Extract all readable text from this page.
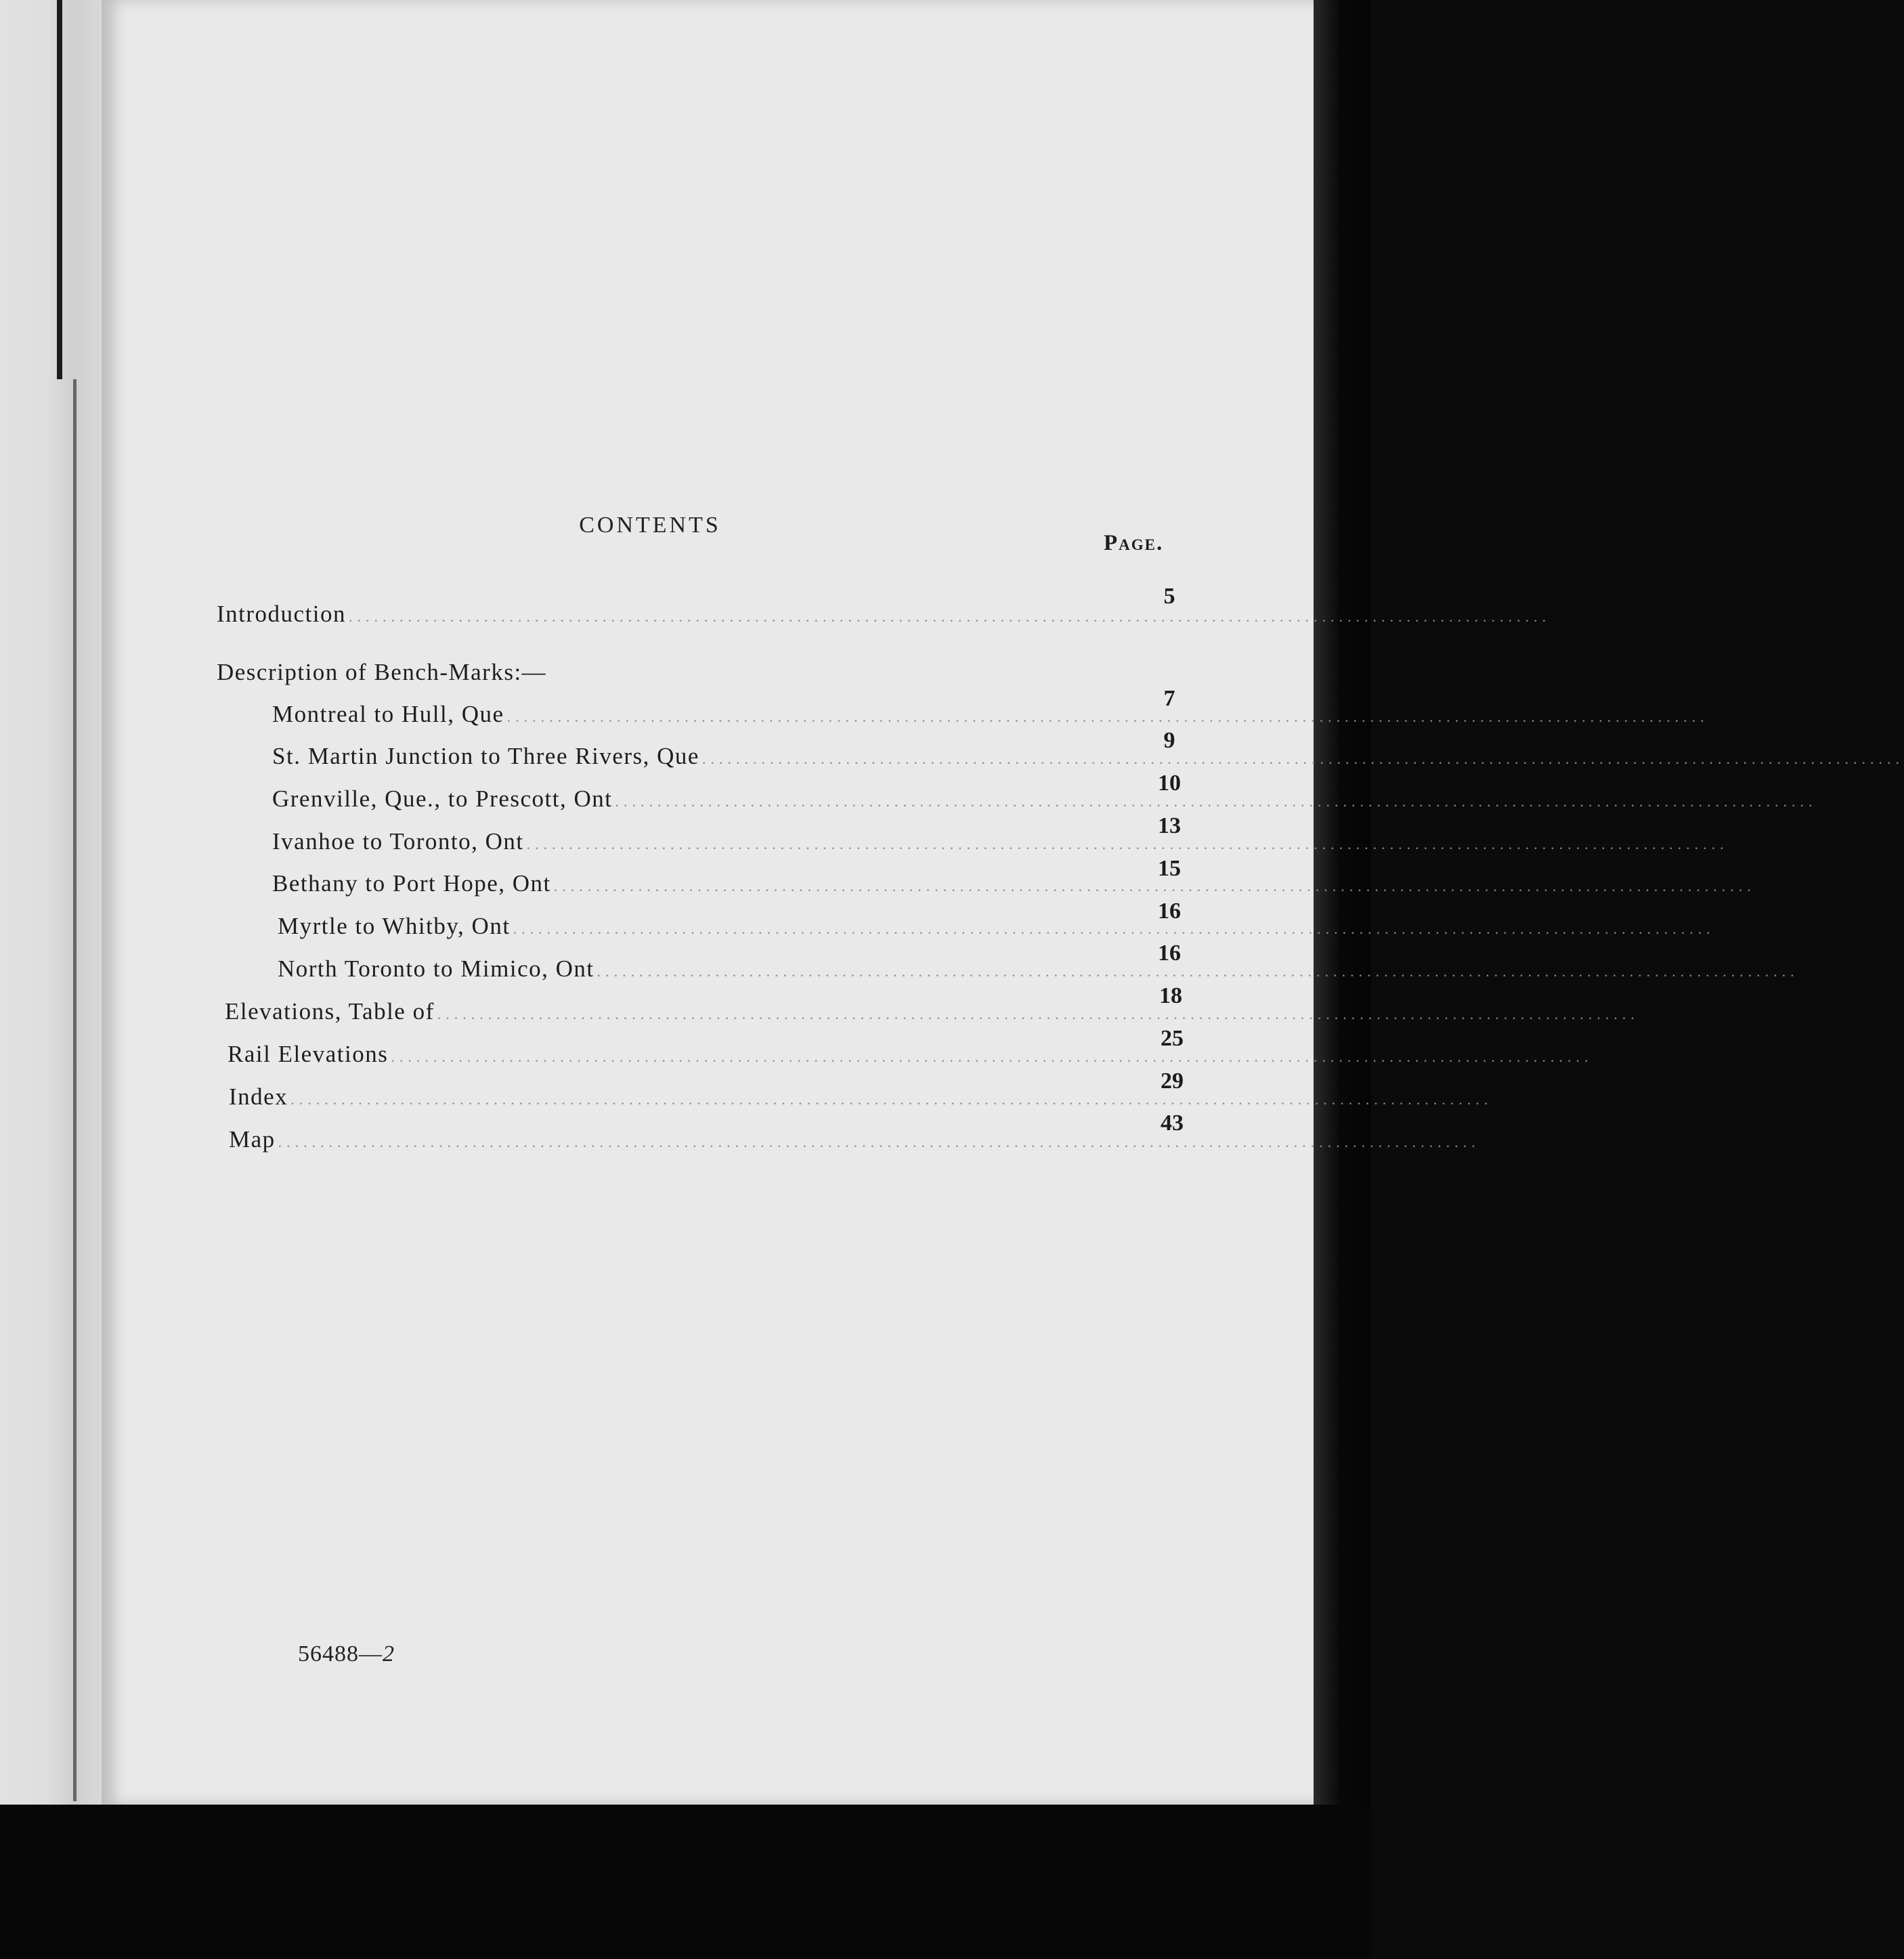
CONTENTS
Page.
Introduction ..............................................................................................................................................
5
Description of Bench-Marks:—
Montreal to Hull, Que ..............................................................................................................................................
7
St. Martin Junction to Three Rivers, Que ..............................................................................................................................................
9
Grenville, Que., to Prescott, Ont ..............................................................................................................................................
10
Ivanhoe to Toronto, Ont ..............................................................................................................................................
13
Bethany to Port Hope, Ont ..............................................................................................................................................
15
Myrtle to Whitby, Ont ..............................................................................................................................................
16
North Toronto to Mimico, Ont ..............................................................................................................................................
16
Elevations, Table of ..............................................................................................................................................
18
Rail Elevations ..............................................................................................................................................
25
Index ..............................................................................................................................................
29
Map ..............................................................................................................................................
43
56488—2
